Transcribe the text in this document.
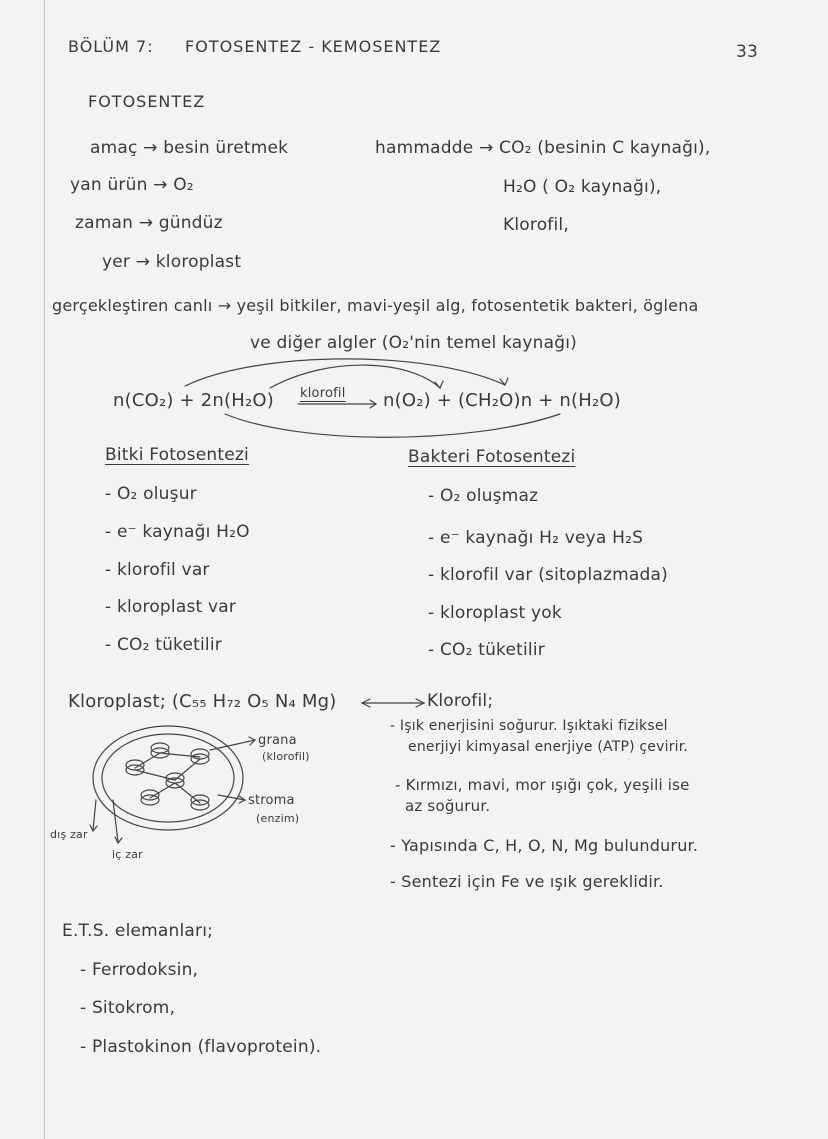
BÖLÜM 7: FOTOSENTEZ - KEMOSENTEZ	33
FOTOSENTEZ
amaç → besin üretmek
yan ürün → O₂
zaman → gündüz
yer → kloroplast
hammadde → CO₂ (besinin C kaynağı),
H₂O ( O₂ kaynağı),
Klorofil,
gerçekleştiren canlı → yeşil bitkiler, mavi-yeşil alg, fotosentetik bakteri, öglena
ve diğer algler (O₂'nin temel kaynağı)
n(CO₂) + 2n(H₂O) klorofil n(O₂) + (CH₂O)n + n(H₂O)
Bitki Fotosentezi
- O₂ oluşur
- e⁻ kaynağı H₂O
- klorofil var
- kloroplast var
- CO₂ tüketilir
Bakteri Fotosentezi
- O₂ oluşmaz
- e⁻ kaynağı H₂ veya H₂S
- klorofil var (sitoplazmada)
- kloroplast yok
- CO₂ tüketilir
Kloroplast; (C₅₅ H₇₂ O₅ N₄ Mg)	Klorofil;
grana
(klorofil)
stroma
(enzim)
dış zar
iç zar
- Işık enerjisini soğurur. Işıktaki fiziksel
enerjiyi kimyasal enerjiye (ATP) çevirir.
- Kırmızı, mavi, mor ışığı çok, yeşili ise
az soğurur.
- Yapısında C, H, O, N, Mg bulundurur.
- Sentezi için Fe ve ışık gereklidir.
E.T.S. elemanları;
- Ferrodoksin,
- Sitokrom,
- Plastokinon (flavoprotein).
